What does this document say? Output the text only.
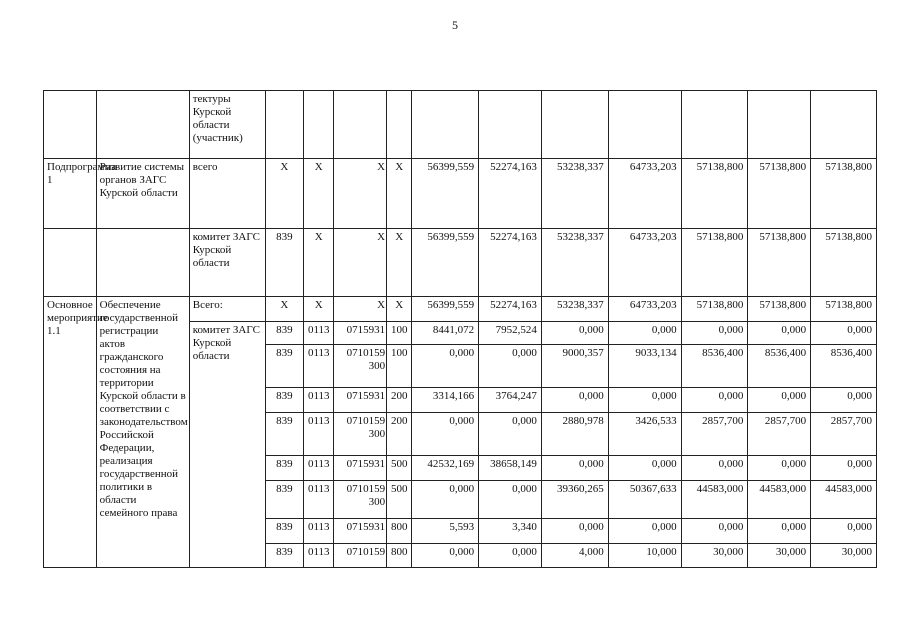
5
		тектуры Курской области (участник)											
Подпрограмма 1	Развитие системы органов ЗАГС Курской области	всего	X	X	X	X	56399,559	52274,163	53238,337	64733,203	57138,800	57138,800	57138,800
		комитет ЗАГС Курской области	839	X	X	X	56399,559	52274,163	53238,337	64733,203	57138,800	57138,800	57138,800
Основное мероприятие 1.1	Обеспечение государственной регистрации актов гражданского состояния на территории Курской области в соответствии с законодательством Российской Федерации, реализация государственной политики в области семейного права	Всего:	X	X	X	X	56399,559	52274,163	53238,337	64733,203	57138,800	57138,800	57138,800
		комитет ЗАГС Курской области	839	0113	0715931	100	8441,072	7952,524	0,000	0,000	0,000	0,000	0,000
			839	0113	0710159 300	100	0,000	0,000	9000,357	9033,134	8536,400	8536,400	8536,400
			839	0113	0715931	200	3314,166	3764,247	0,000	0,000	0,000	0,000	0,000
			839	0113	0710159 300	200	0,000	0,000	2880,978	3426,533	2857,700	2857,700	2857,700
			839	0113	0715931	500	42532,169	38658,149	0,000	0,000	0,000	0,000	0,000
			839	0113	0710159 300	500	0,000	0,000	39360,265	50367,633	44583,000	44583,000	44583,000
			839	0113	0715931	800	5,593	3,340	0,000	0,000	0,000	0,000	0,000
			839	0113	0710159	800	0,000	0,000	4,000	10,000	30,000	30,000	30,000
